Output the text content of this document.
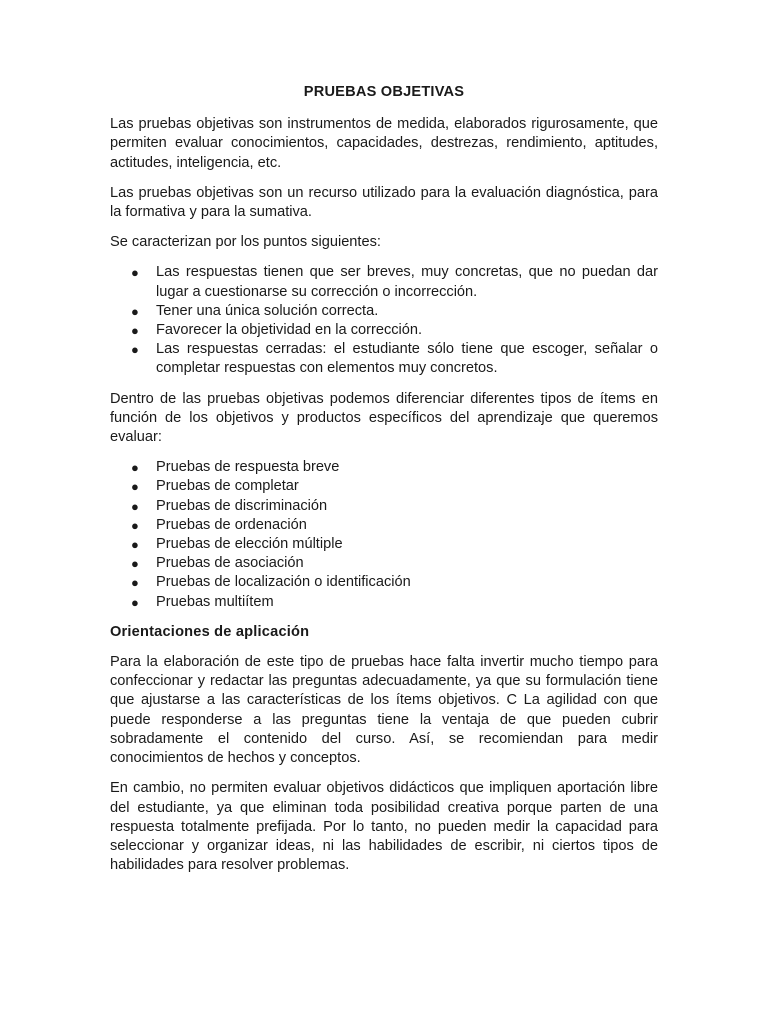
PRUEBAS OBJETIVAS

Las pruebas objetivas son instrumentos de medida, elaborados rigurosamente, que permiten evaluar conocimientos, capacidades, destrezas, rendimiento, aptitudes, actitudes, inteligencia, etc.

Las pruebas objetivas son un recurso utilizado para la evaluación diagnóstica, para la formativa y para la sumativa.

Se caracterizan por los puntos siguientes:

● Las respuestas tienen que ser breves, muy concretas, que no puedan dar lugar a cuestionarse su corrección o incorrección.
● Tener una única solución correcta.
● Favorecer la objetividad en la corrección.
● Las respuestas cerradas: el estudiante sólo tiene que escoger, señalar o completar respuestas con elementos muy concretos.

Dentro de las pruebas objetivas podemos diferenciar diferentes tipos de ítems en función de los objetivos y productos específicos del aprendizaje que queremos evaluar:

● Pruebas de respuesta breve
● Pruebas de completar
● Pruebas de discriminación
● Pruebas de ordenación
● Pruebas de elección múltiple
● Pruebas de asociación
● Pruebas de localización o identificación
● Pruebas multiítem
Orientaciones de aplicación

Para la elaboración de este tipo de pruebas hace falta invertir mucho tiempo para confeccionar y redactar las preguntas adecuadamente, ya que su formulación tiene que ajustarse a las características de los ítems objetivos. C La agilidad con que puede responderse a las preguntas tiene la ventaja de que pueden cubrir sobradamente el contenido del curso. Así, se recomiendan para medir conocimientos de hechos y conceptos.

En cambio, no permiten evaluar objetivos didácticos que impliquen aportación libre del estudiante, ya que eliminan toda posibilidad creativa porque parten de una respuesta totalmente prefijada. Por lo tanto, no pueden medir la capacidad para seleccionar y organizar ideas, ni las habilidades de escribir, ni ciertos tipos de habilidades para resolver problemas.
